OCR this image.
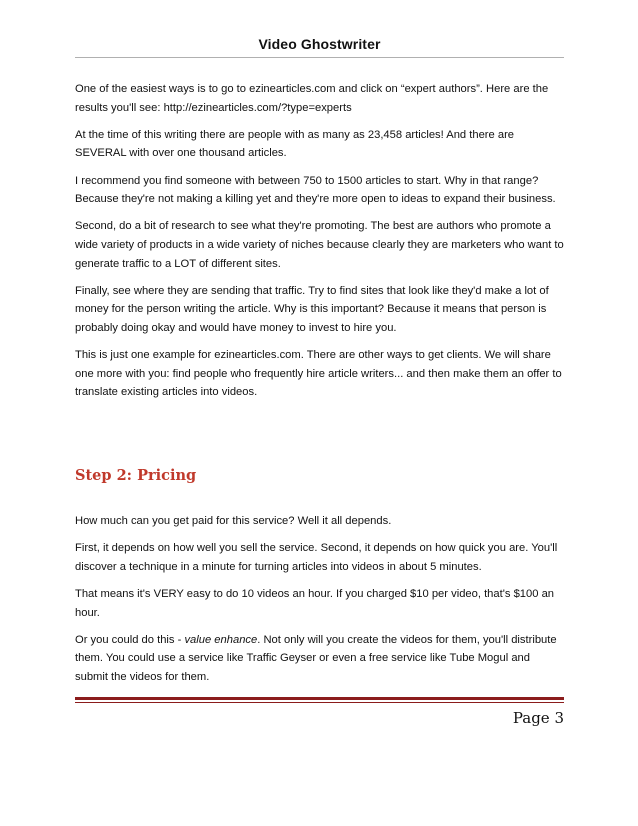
Video Ghostwriter

One of the easiest ways is to go to ezinearticles.com and click on “expert authors”. Here are the results you'll see: http://ezinearticles.com/?type=experts

At the time of this writing there are people with as many as 23,458 articles! And there are SEVERAL with over one thousand articles.

I recommend you find someone with between 750 to 1500 articles to start. Why in that range? Because they're not making a killing yet and they're more open to ideas to expand their business.

Second, do a bit of research to see what they're promoting. The best are authors who promote a wide variety of products in a wide variety of niches because clearly they are marketers who want to generate traffic to a LOT of different sites.

Finally, see where they are sending that traffic. Try to find sites that look like they'd make a lot of money for the person writing the article. Why is this important? Because it means that person is probably doing okay and would have money to invest to hire you.

This is just one example for ezinearticles.com. There are other ways to get clients. We will share one more with you: find people who frequently hire article writers... and then make them an offer to translate existing articles into videos.

Step 2: Pricing

How much can you get paid for this service? Well it all depends.

First, it depends on how well you sell the service. Second, it depends on how quick you are. You'll discover a technique in a minute for turning articles into videos in about 5 minutes.

That means it's VERY easy to do 10 videos an hour. If you charged $10 per video, that's $100 an hour.

Or you could do this - value enhance. Not only will you create the videos for them, you'll distribute them. You could use a service like Traffic Geyser or even a free service like Tube Mogul and submit the videos for them.

Page 3
